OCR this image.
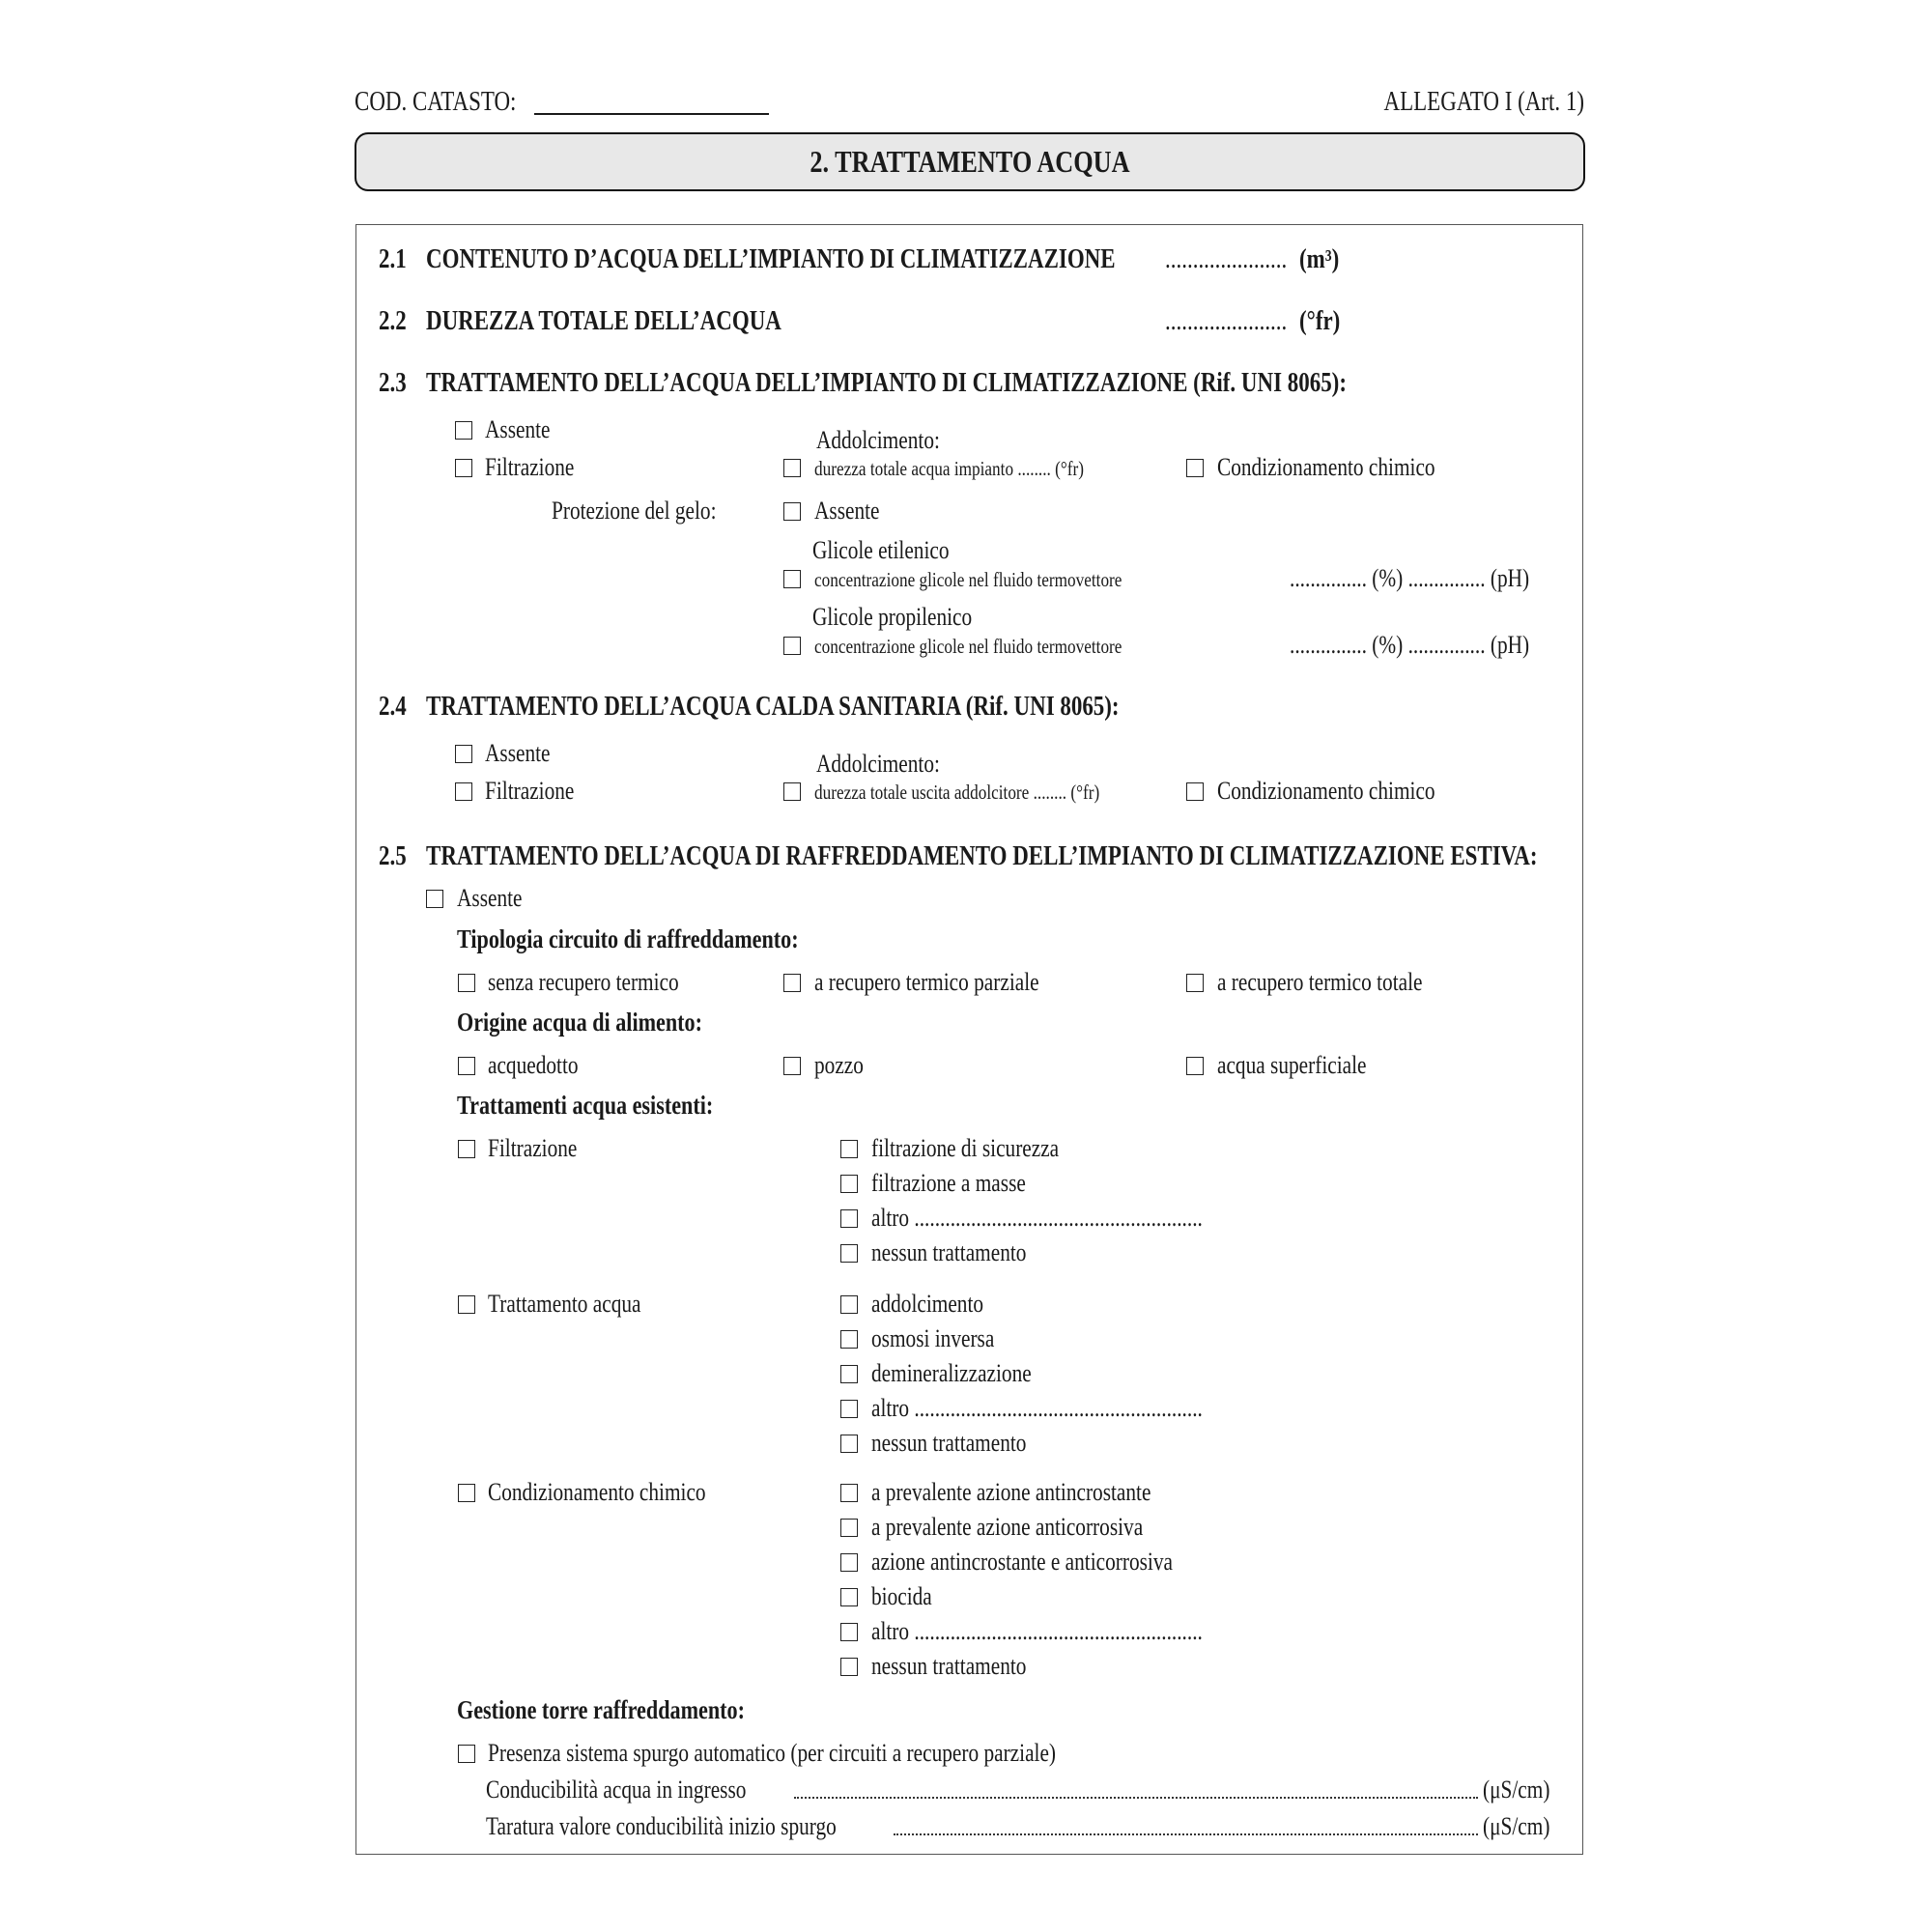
COD. CATASTO:	ALLEGATO I (Art. 1)
2. TRATTAMENTO ACQUA
2.1 CONTENUTO D’ACQUA DELL’IMPIANTO DI CLIMATIZZAZIONE	...................... (m³)
2.2 DUREZZA TOTALE DELL’ACQUA	...................... (°fr)
2.3 TRATTAMENTO DELL’ACQUA DELL’IMPIANTO DI CLIMATIZZAZIONE (Rif. UNI 8065):
Assente
Filtrazione
Addolcimento:
durezza totale acqua impianto ........ (°fr)	Condizionamento chimico
Protezione del gelo:	Assente
Glicole etilenico
concentrazione glicole nel fluido termovettore	............... (%) ............... (pH)
Glicole propilenico
concentrazione glicole nel fluido termovettore	............... (%) ............... (pH)
2.4 TRATTAMENTO DELL’ACQUA CALDA SANITARIA (Rif. UNI 8065):
Assente
Filtrazione
Addolcimento:
durezza totale uscita addolcitore ........ (°fr)	Condizionamento chimico
2.5 TRATTAMENTO DELL’ACQUA DI RAFFREDDAMENTO DELL’IMPIANTO DI CLIMATIZZAZIONE ESTIVA:
Assente
Tipologia circuito di raffreddamento:
senza recupero termico	a recupero termico parziale	a recupero termico totale
Origine acqua di alimento:
acquedotto	pozzo	acqua superficiale
Trattamenti acqua esistenti:
Filtrazione	filtrazione di sicurezza
filtrazione a masse
altro ........................................................
nessun trattamento
Trattamento acqua	addolcimento
osmosi inversa
demineralizzazione
altro ........................................................
nessun trattamento
Condizionamento chimico	a prevalente azione antincrostante
a prevalente azione anticorrosiva
azione antincrostante e anticorrosiva
biocida
altro ........................................................
nessun trattamento
Gestione torre raffreddamento:
Presenza sistema spurgo automatico (per circuiti a recupero parziale)
Conducibilità acqua in ingresso	(μS/cm)
Taratura valore conducibilità inizio spurgo	(μS/cm)
